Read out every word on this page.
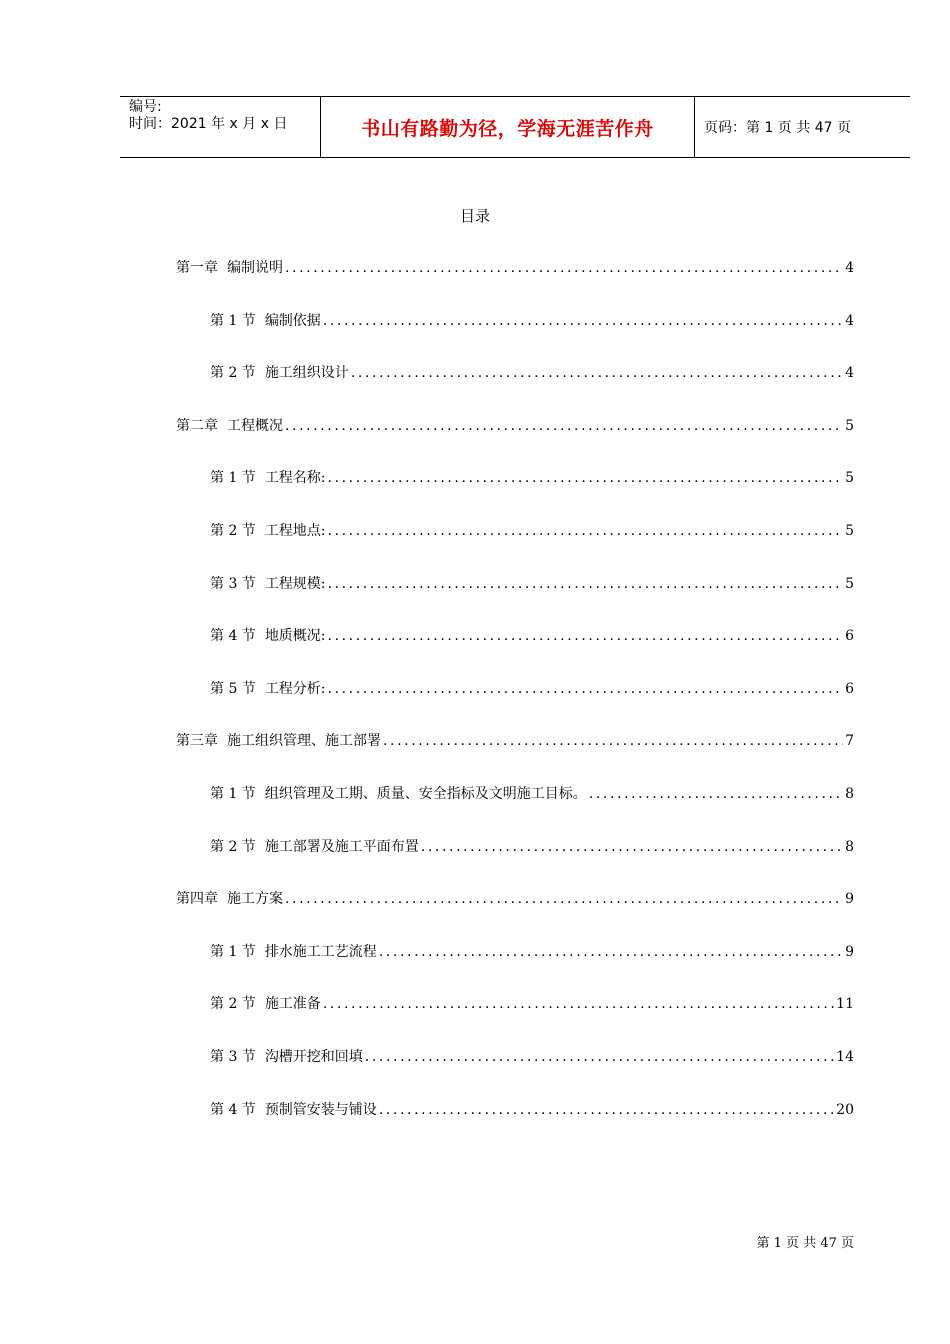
编号:
时间：2021 年 x 月 x 日	书山有路勤为径，学海无涯苦作舟	页码：第 1 页 共 47 页
目录
第一章 编制说明 .....	4
第 1 节 编制依据 .....	4
第 2 节 施工组织设计 .....	4
第二章 工程概况 .....	5
第 1 节 工程名称: .....	5
第 2 节 工程地点: .....	5
第 3 节 工程规模: .....	5
第 4 节 地质概况: .....	6
第 5 节 工程分析: .....	6
第三章 施工组织管理、施工部署 .....	7
第 1 节 组织管理及工期、质量、安全指标及文明施工目标。 .....	8
第 2 节 施工部署及施工平面布置 .....	8
第四章 施工方案 .....	9
第 1 节 排水施工工艺流程 .....	9
第 2 节 施工准备 .....	11
第 3 节 沟槽开挖和回填 .....	14
第 4 节 预制管安装与铺设 .....	20
第 1 页 共 47 页
